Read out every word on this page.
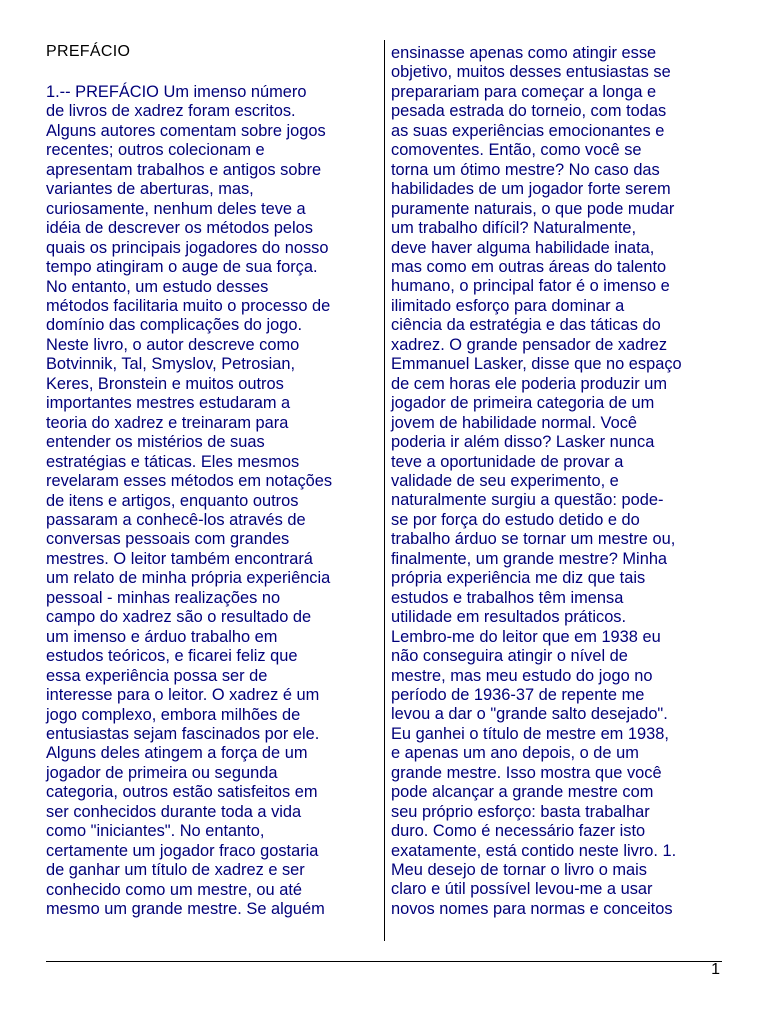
PREFÁCIO
1.-- PREFÁCIO Um imenso número
de livros de xadrez foram escritos.
Alguns autores comentam sobre jogos
recentes; outros colecionam e
apresentam trabalhos e antigos sobre
variantes de aberturas, mas,
curiosamente, nenhum deles teve a
idéia de descrever os métodos pelos
quais os principais jogadores do nosso
tempo atingiram o auge de sua força.
No entanto, um estudo desses
métodos facilitaria muito o processo de
domínio das complicações do jogo.
Neste livro, o autor descreve como
Botvinnik, Tal, Smyslov, Petrosian,
Keres, Bronstein e muitos outros
importantes mestres estudaram a
teoria do xadrez e treinaram para
entender os mistérios de suas
estratégias e táticas. Eles mesmos
revelaram esses métodos em notações
de itens e artigos, enquanto outros
passaram a conhecê-los através de
conversas pessoais com grandes
mestres. O leitor também encontrará
um relato de minha própria experiência
pessoal - minhas realizações no
campo do xadrez são o resultado de
um imenso e árduo trabalho em
estudos teóricos, e ficarei feliz que
essa experiência possa ser de
interesse para o leitor. O xadrez é um
jogo complexo, embora milhões de
entusiastas sejam fascinados por ele.
Alguns deles atingem a força de um
jogador de primeira ou segunda
categoria, outros estão satisfeitos em
ser conhecidos durante toda a vida
como "iniciantes". No entanto,
certamente um jogador fraco gostaria
de ganhar um título de xadrez e ser
conhecido como um mestre, ou até
mesmo um grande mestre. Se alguém
ensinasse apenas como atingir esse
objetivo, muitos desses entusiastas se
preparariam para começar a longa e
pesada estrada do torneio, com todas
as suas experiências emocionantes e
comoventes. Então, como você se
torna um ótimo mestre? No caso das
habilidades de um jogador forte serem
puramente naturais, o que pode mudar
um trabalho difícil? Naturalmente,
deve haver alguma habilidade inata,
mas como em outras áreas do talento
humano, o principal fator é o imenso e
ilimitado esforço para dominar a
ciência da estratégia e das táticas do
xadrez. O grande pensador de xadrez
Emmanuel Lasker, disse que no espaço
de cem horas ele poderia produzir um
jogador de primeira categoria de um
jovem de habilidade normal. Você
poderia ir além disso? Lasker nunca
teve a oportunidade de provar a
validade de seu experimento, e
naturalmente surgiu a questão: pode-
se por força do estudo detido e do
trabalho árduo se tornar um mestre ou,
finalmente, um grande mestre? Minha
própria experiência me diz que tais
estudos e trabalhos têm imensa
utilidade em resultados práticos.
Lembro-me do leitor que em 1938 eu
não conseguira atingir o nível de
mestre, mas meu estudo do jogo no
período de 1936-37 de repente me
levou a dar o "grande salto desejado".
Eu ganhei o título de mestre em 1938,
e apenas um ano depois, o de um
grande mestre. Isso mostra que você
pode alcançar a grande mestre com
seu próprio esforço: basta trabalhar
duro. Como é necessário fazer isto
exatamente, está contido neste livro. 1.
Meu desejo de tornar o livro o mais
claro e útil possível levou-me a usar
novos nomes para normas e conceitos
1
